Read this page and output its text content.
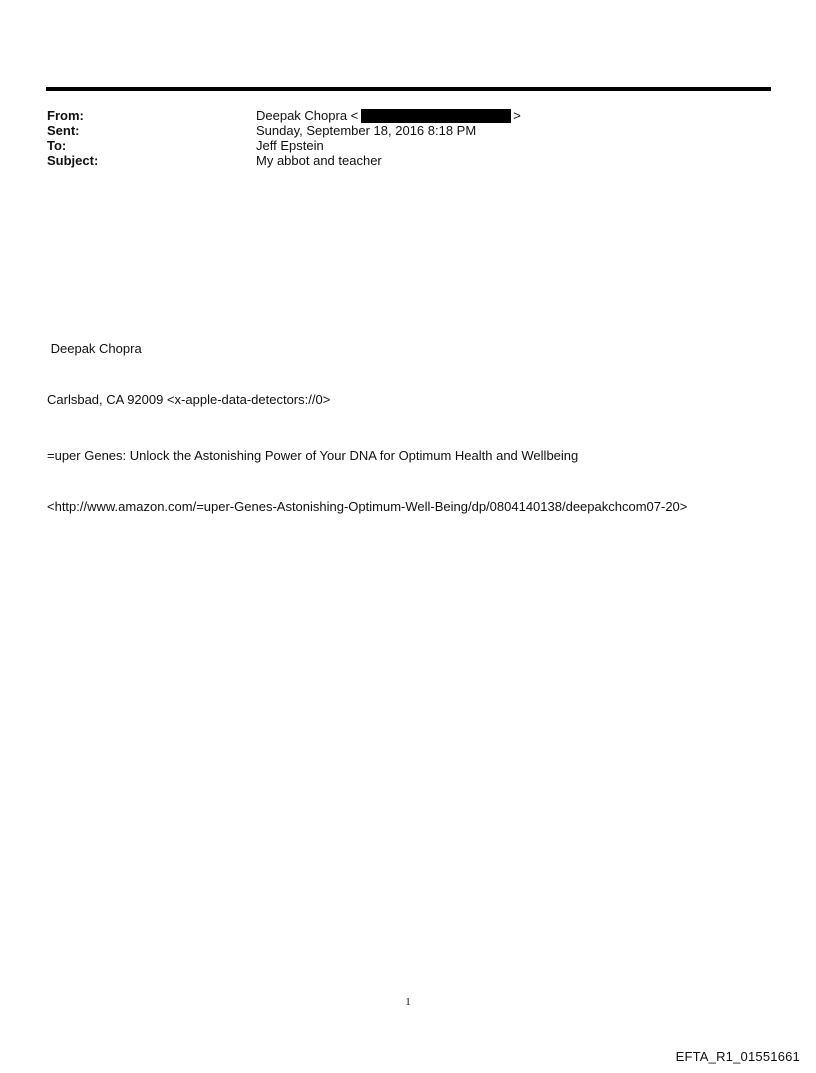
From:	Deepak Chopra <	>
Sent:	Sunday, September 18, 2016 8:18 PM
To:	Jeff Epstein
Subject:	My abbot and teacher

Deepak Chopra

Carlsbad, CA 92009 <x-apple-data-detectors://0>

=uper Genes: Unlock the Astonishing Power of Your DNA for Optimum Health and Wellbeing

<http://www.amazon.com/=uper-Genes-Astonishing-Optimum-Well-Being/dp/0804140138/deepakchcom07-20>

1
EFTA_R1_01551661
